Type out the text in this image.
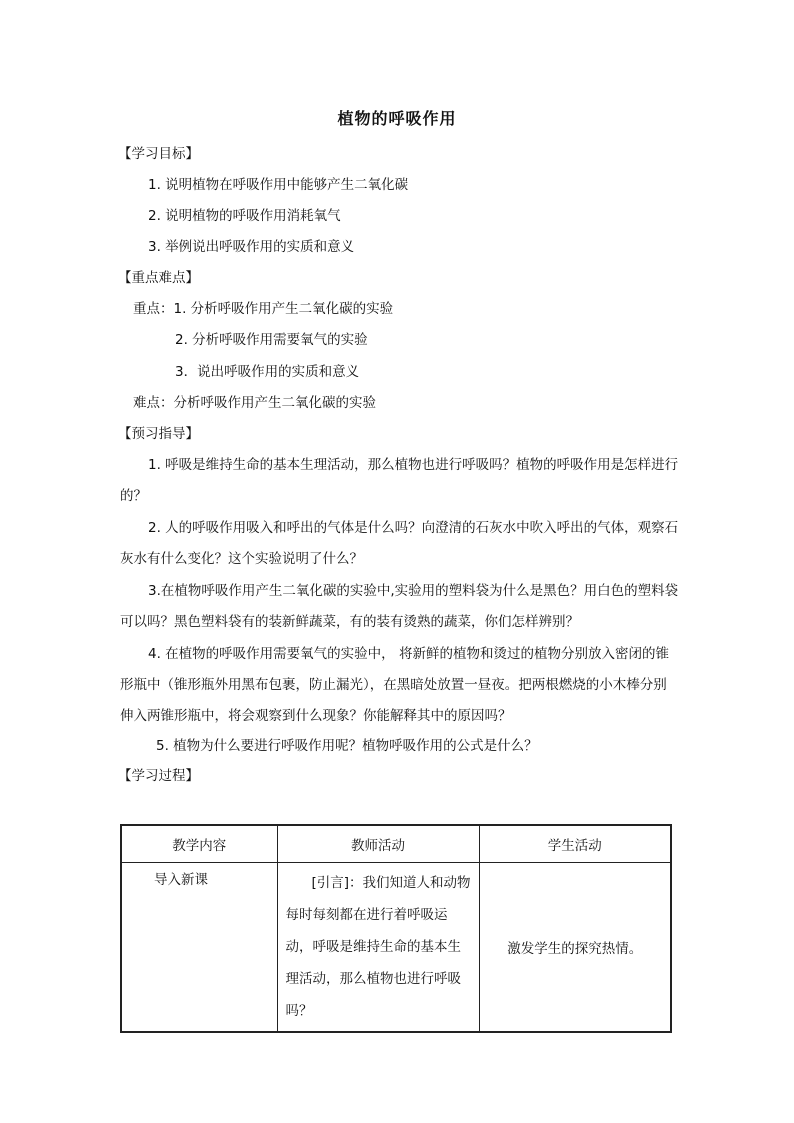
植物的呼吸作用
【学习目标】
1. 说明植物在呼吸作用中能够产生二氧化碳
2. 说明植物的呼吸作用消耗氧气
3. 举例说出呼吸作用的实质和意义
【重点难点】
重点：1. 分析呼吸作用产生二氧化碳的实验
2. 分析呼吸作用需要氧气的实验
3．说出呼吸作用的实质和意义
难点：分析呼吸作用产生二氧化碳的实验
【预习指导】
1. 呼吸是维持生命的基本生理活动，那么植物也进行呼吸吗？植物的呼吸作用是怎样进行的？
2. 人的呼吸作用吸入和呼出的气体是什么吗？向澄清的石灰水中吹入呼出的气体，观察石灰水有什么变化？这个实验说明了什么？
3.在植物呼吸作用产生二氧化碳的实验中,实验用的塑料袋为什么是黑色？用白色的塑料袋可以吗？黑色塑料袋有的装新鲜蔬菜，有的装有烫熟的蔬菜，你们怎样辨别？
4. 在植物的呼吸作用需要氧气的实验中， 将新鲜的植物和烫过的植物分别放入密闭的锥形瓶中（锥形瓶外用黑布包裹，防止漏光），在黑暗处放置一昼夜。把两根燃烧的小木棒分别伸入两锥形瓶中，将会观察到什么现象？你能解释其中的原因吗？
5. 植物为什么要进行呼吸作用呢？植物呼吸作用的公式是什么？
【学习过程】
教学内容	教师活动	学生活动
导入新课	[引言]：我们知道人和动物每时每刻都在进行着呼吸运动，呼吸是维持生命的基本生理活动，那么植物也进行呼吸吗？	激发学生的探究热情。
